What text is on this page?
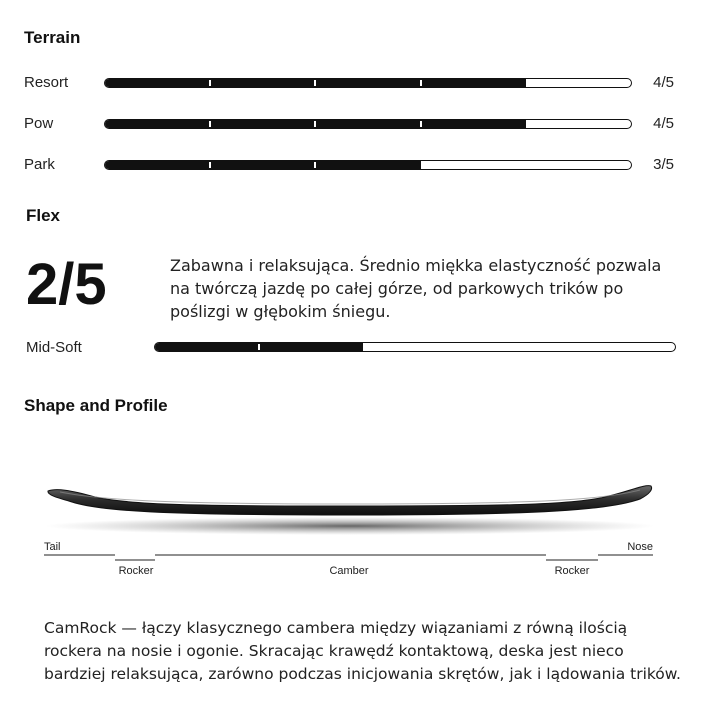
Terrain
Resort	4/5
Pow	4/5
Park	3/5
Flex
2/5	Zabawna i relaksująca. Średnio miękka elastyczność pozwala na twórczą jazdę po całej górze, od parkowych trików po poślizgi w głębokim śniegu.
Mid-Soft
Shape and Profile
Tail	Nose
Rocker	Camber	Rocker
CamRock — łączy klasycznego cambera między wiązaniami z równą ilością rockera na nosie i ogonie. Skracając krawędź kontaktową, deska jest nieco bardziej relaksująca, zarówno podczas inicjowania skrętów, jak i lądowania trików.
